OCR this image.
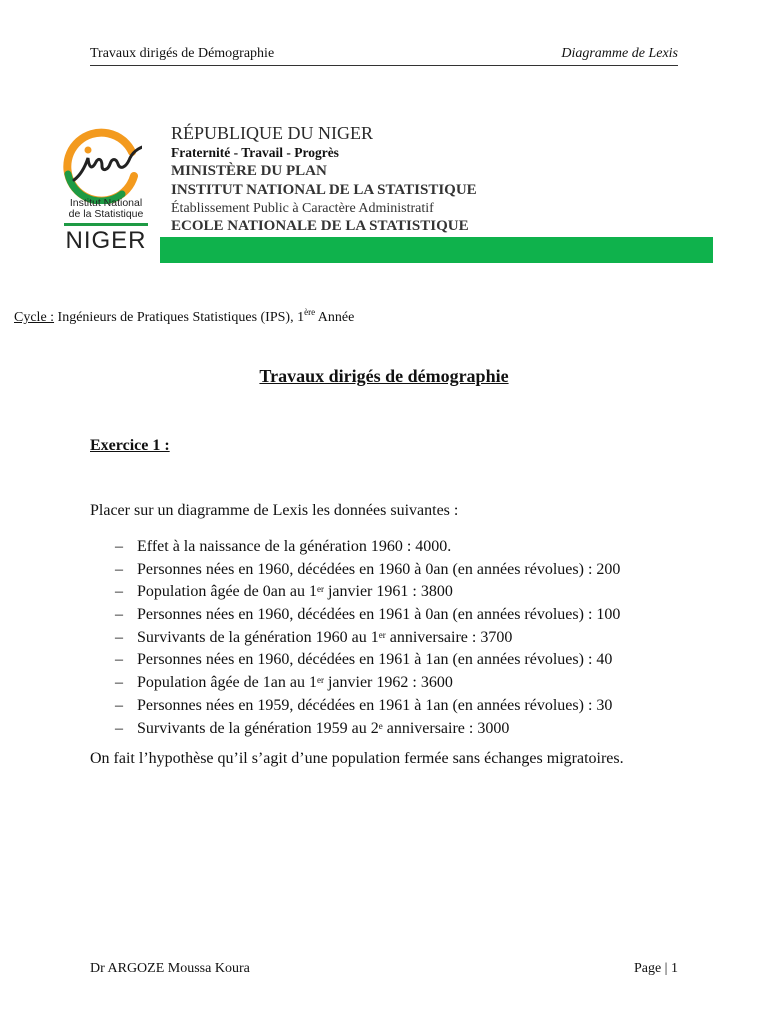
Travaux dirigés de Démographie	Diagramme de Lexis
Institut National
de la Statistique
NIGER
RÉPUBLIQUE DU NIGER
Fraternité - Travail - Progrès
MINISTÈRE DU PLAN
INSTITUT NATIONAL DE LA STATISTIQUE
Établissement Public à Caractère Administratif
ECOLE NATIONALE DE LA STATISTIQUE
Cycle : Ingénieurs de Pratiques Statistiques (IPS), 1ère Année
Travaux dirigés de démographie
Exercice 1 :
Placer sur un diagramme de Lexis les données suivantes :
– Effet à la naissance de la génération 1960 : 4000.
– Personnes nées en 1960, décédées en 1960 à 0an (en années révolues) : 200
– Population âgée de 0an au 1er janvier 1961 : 3800
– Personnes nées en 1960, décédées en 1961 à 0an (en années révolues) : 100
– Survivants de la génération 1960 au 1er anniversaire : 3700
– Personnes nées en 1960, décédées en 1961 à 1an (en années révolues) : 40
– Population âgée de 1an au 1er janvier 1962 : 3600
– Personnes nées en 1959, décédées en 1961 à 1an (en années révolues) : 30
– Survivants de la génération 1959 au 2e anniversaire : 3000
On fait l’hypothèse qu’il s’agit d’une population fermée sans échanges migratoires.
Dr ARGOZE Moussa Koura	Page | 1
